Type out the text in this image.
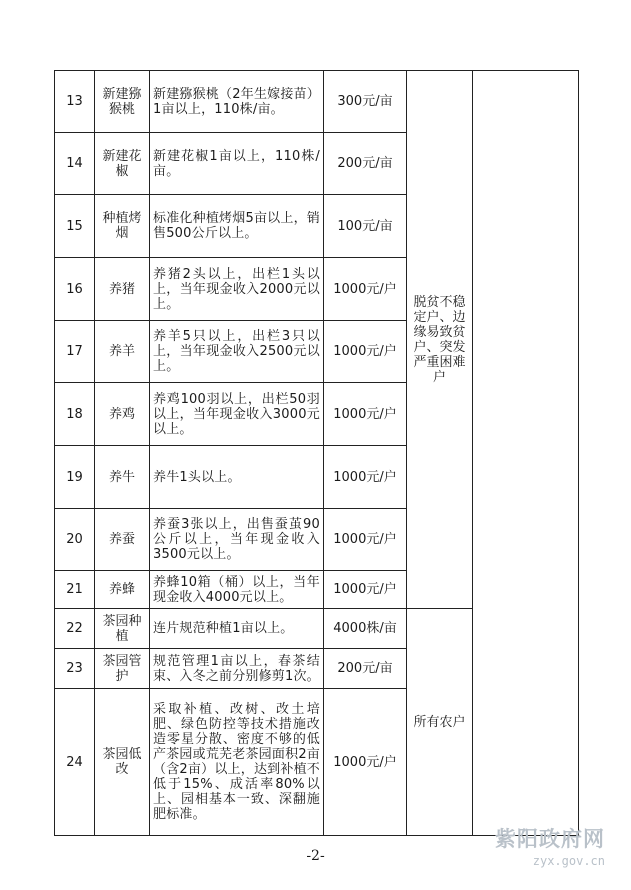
13	新建猕猴桃	新建猕猴桃（2年生嫁接苗）1亩以上，110株/亩。	300元/亩	脱贫不稳定户、边缘易致贫户、突发严重困难户	
14	新建花椒	新建花椒1亩以上，110株/亩。	200元/亩		
15	种植烤烟	标准化种植烤烟5亩以上，销售500公斤以上。	100元/亩		
16	养猪	养猪2头以上，出栏1头以上，当年现金收入2000元以上。	1000元/户		
17	养羊	养羊5只以上，出栏3只以上，当年现金收入2500元以上。	1000元/户		
18	养鸡	养鸡100羽以上，出栏50羽以上，当年现金收入3000元以上。	1000元/户		
19	养牛	养牛1头以上。	1000元/户		
20	养蚕	养蚕3张以上，出售蚕茧90公斤以上，当年现金收入3500元以上。	1000元/户		
21	养蜂	养蜂10箱（桶）以上，当年现金收入4000元以上。	1000元/户		
22	茶园种植	连片规范种植1亩以上。	4000株/亩	所有农户	
23	茶园管护	规范管理1亩以上，春茶结束、入冬之前分别修剪1次。	200元/亩		
24	茶园低改	采取补植、改树、改土培肥、绿色防控等技术措施改造零星分散、密度不够的低产茶园或荒芜老茶园面积2亩（含2亩）以上，达到补植不低于15%、成活率80%以上、园相基本一致、深翻施肥标准。	1000元/户		
紫阳政府网
zyx.gov.cn
-2-
